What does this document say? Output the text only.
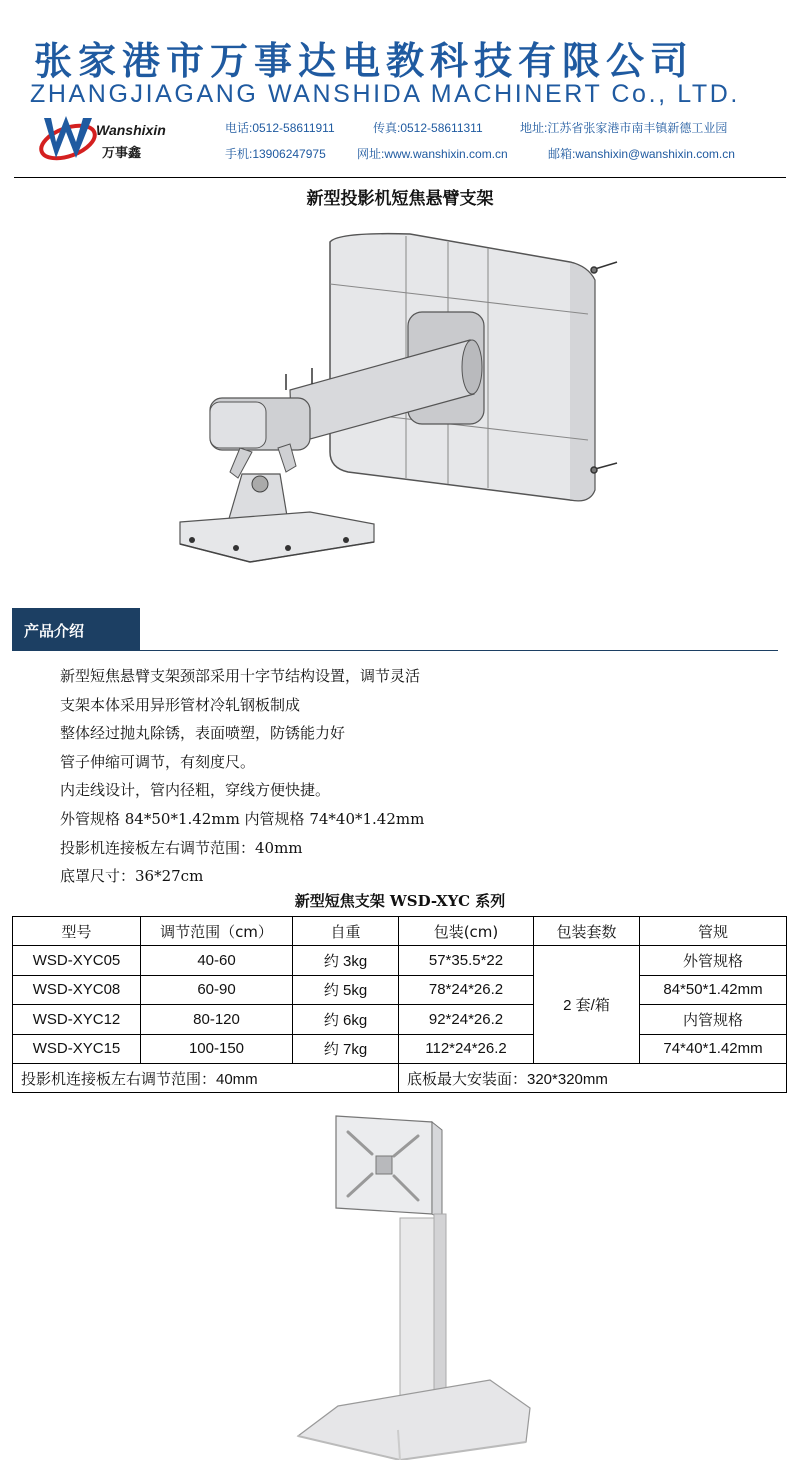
张家港市万事达电教科技有限公司
ZHANGJIAGANG WANSHIDA MACHINERT Co., LTD.
Wanshixin
万事鑫
电话:0512-58611911	传真:0512-58611311	地址:江苏省张家港市南丰镇新德工业园
手机:13906247975	网址:www.wanshixin.com.cn	邮箱:wanshixin@wanshixin.com.cn
新型投影机短焦悬臂支架
产品介绍
新型短焦悬臂支架颈部采用十字节结构设置，调节灵活
支架本体采用异形管材冷轧钢板制成
整体经过抛丸除锈，表面喷塑，防锈能力好
管子伸缩可调节，有刻度尺。
内走线设计，管内径粗，穿线方便快捷。
外管规格 84*50*1.42mm 内管规格 74*40*1.42mm
投影机连接板左右调节范围：40mm
底罩尺寸：36*27cm
新型短焦支架 WSD-XYC 系列
型号	调节范围（cm）	自重	包装(cm)	包装套数	管规
WSD-XYC05	40-60	约 3kg	57*35.5*22	2 套/箱	外管规格
WSD-XYC08	60-90	约 5kg	78*24*26.2		84*50*1.42mm
WSD-XYC12	80-120	约 6kg	92*24*26.2		内管规格
WSD-XYC15	100-150	约 7kg	112*24*26.2		74*40*1.42mm
投影机连接板左右调节范围：40mm			底板最大安装面：320*320mm		
